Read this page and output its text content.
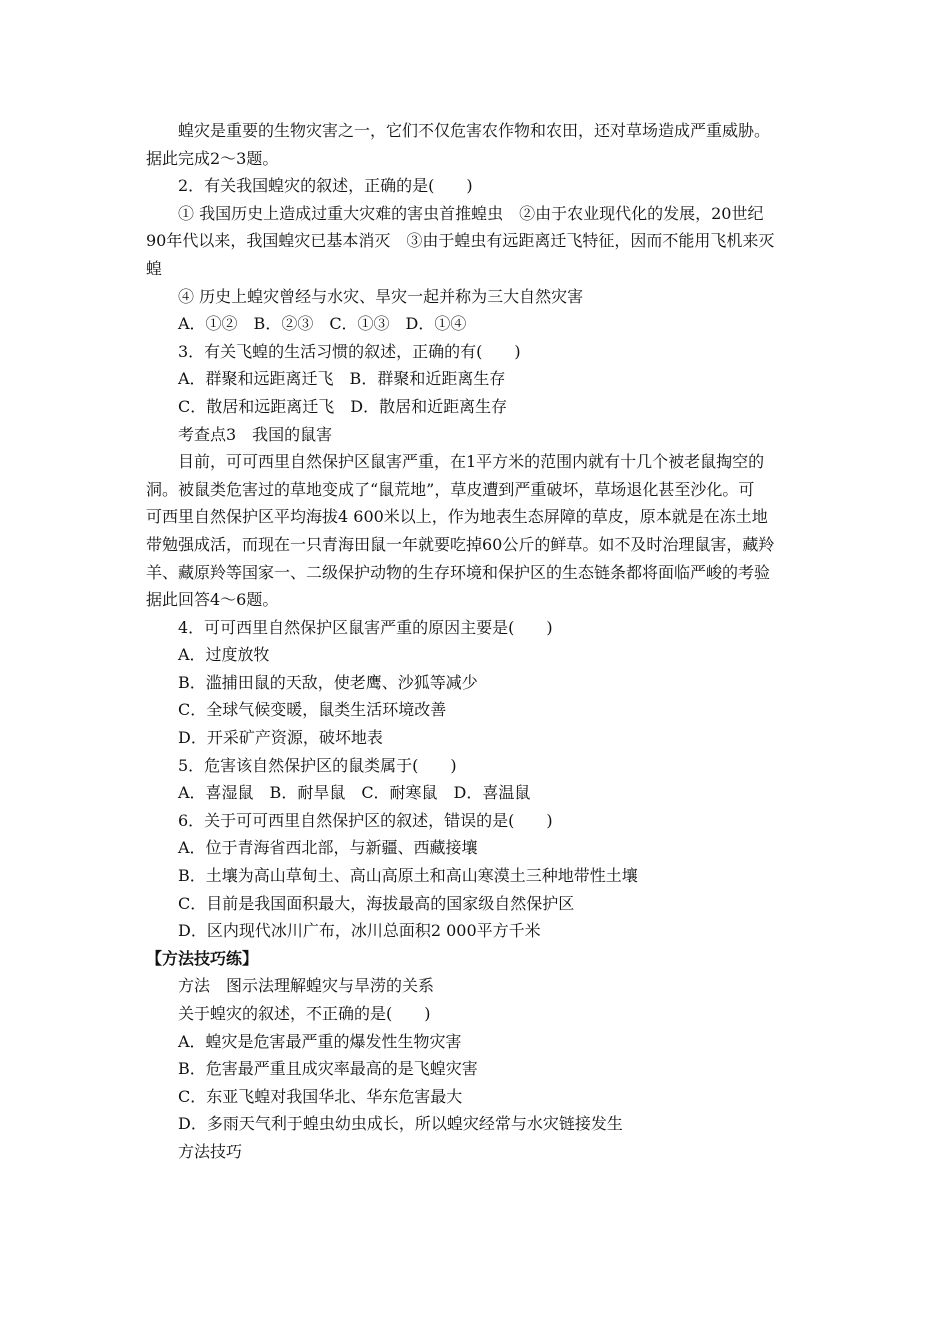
蝗灾是重要的生物灾害之一，它们不仅危害农作物和农田，还对草场造成严重威胁。
据此完成2～3题。
2．有关我国蝗灾的叙述，正确的是(　　)
① 我国历史上造成过重大灾难的害虫首推蝗虫　②由于农业现代化的发展，20世纪
90年代以来，我国蝗灾已基本消灭　③由于蝗虫有远距离迁飞特征，因而不能用飞机来灭
蝗
④ 历史上蝗灾曾经与水灾、旱灾一起并称为三大自然灾害
A．①②　B．②③　C．①③　D．①④
3．有关飞蝗的生活习惯的叙述，正确的有(　　)
A．群聚和远距离迁飞　B．群聚和近距离生存
C．散居和远距离迁飞　D．散居和近距离生存
考查点3　我国的鼠害
目前，可可西里自然保护区鼠害严重，在1平方米的范围内就有十几个被老鼠掏空的
洞。被鼠类危害过的草地变成了“鼠荒地”，草皮遭到严重破坏，草场退化甚至沙化。可
可西里自然保护区平均海拔4 600米以上，作为地表生态屏障的草皮，原本就是在冻土地
带勉强成活，而现在一只青海田鼠一年就要吃掉60公斤的鲜草。如不及时治理鼠害，藏羚
羊、藏原羚等国家一、二级保护动物的生存环境和保护区的生态链条都将面临严峻的考验
据此回答4～6题。
4．可可西里自然保护区鼠害严重的原因主要是(　　)
A．过度放牧
B．滥捕田鼠的天敌，使老鹰、沙狐等减少
C．全球气候变暖，鼠类生活环境改善
D．开采矿产资源，破坏地表
5．危害该自然保护区的鼠类属于(　　)
A．喜湿鼠　B．耐旱鼠　C．耐寒鼠　D．喜温鼠
6．关于可可西里自然保护区的叙述，错误的是(　　)
A．位于青海省西北部，与新疆、西藏接壤
B．土壤为高山草甸土、高山高原土和高山寒漠土三种地带性土壤
C．目前是我国面积最大，海拔最高的国家级自然保护区
D．区内现代冰川广布，冰川总面积2 000平方千米
【方法技巧练】
方法　图示法理解蝗灾与旱涝的关系
关于蝗灾的叙述，不正确的是(　　)
A．蝗灾是危害最严重的爆发性生物灾害
B．危害最严重且成灾率最高的是飞蝗灾害
C．东亚飞蝗对我国华北、华东危害最大
D．多雨天气利于蝗虫幼虫成长，所以蝗灾经常与水灾链接发生
方法技巧
